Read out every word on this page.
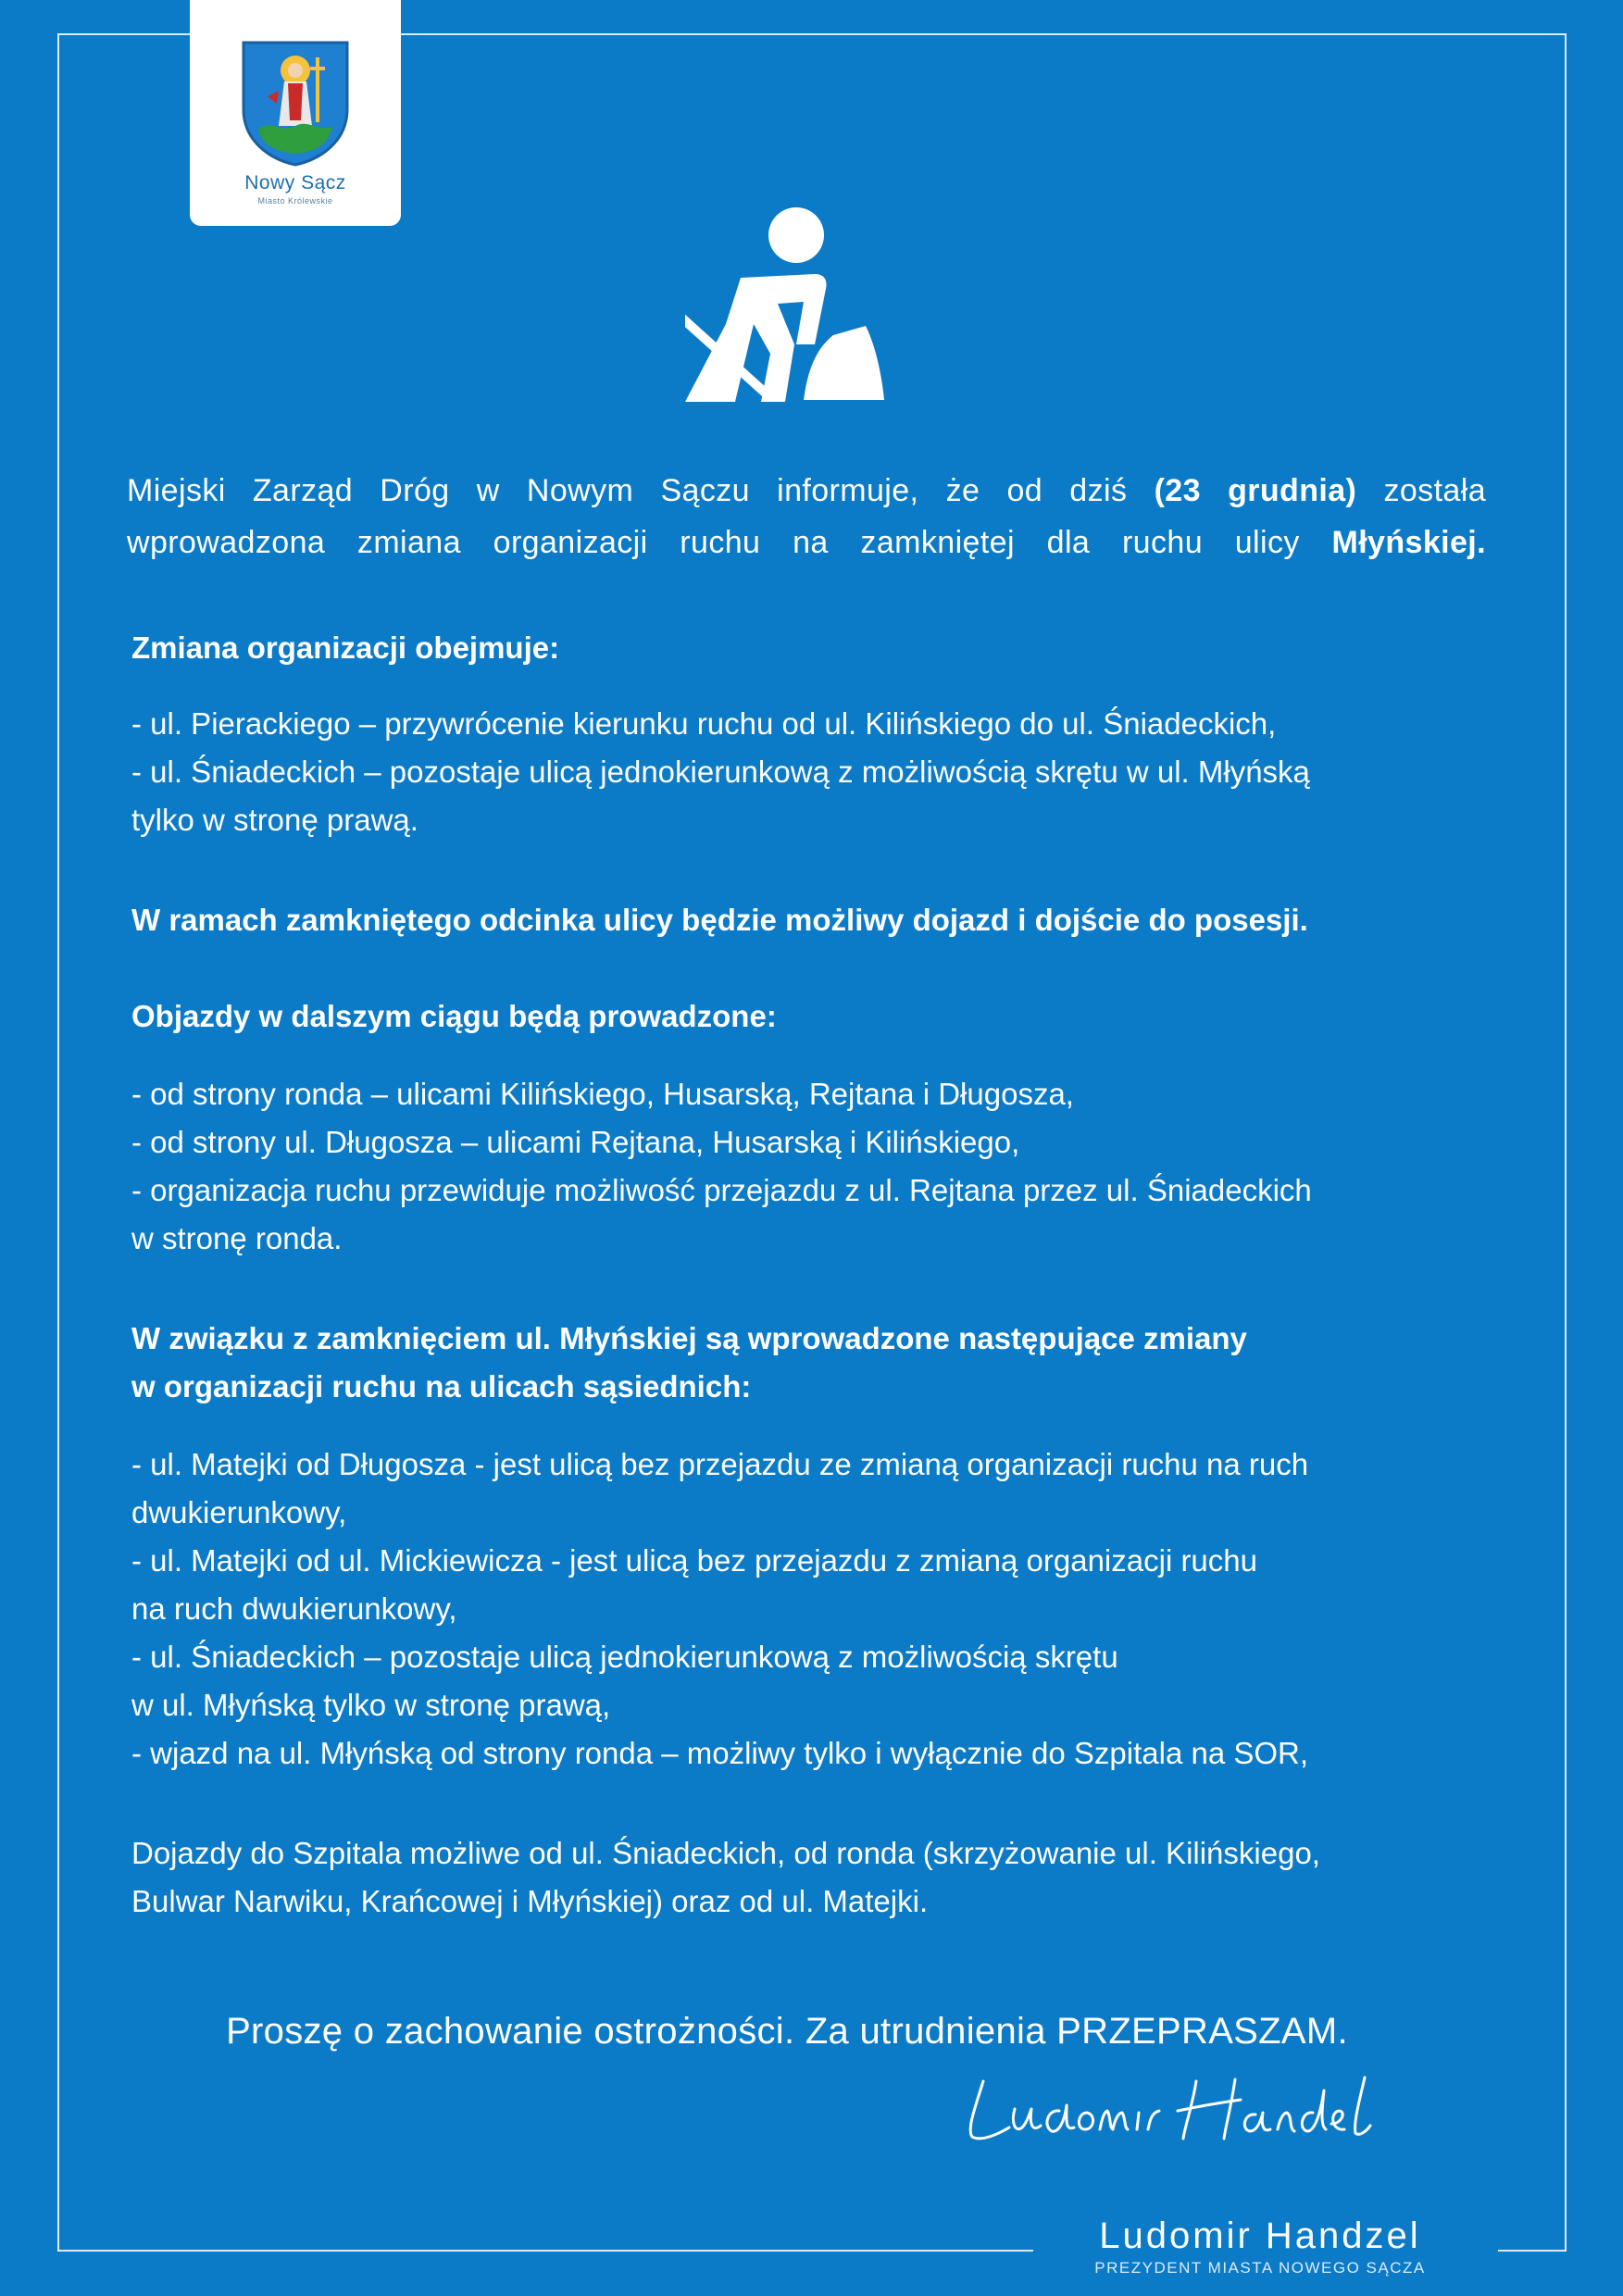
Nowy Sącz
Miasto Królewskie
Miejski Zarząd Dróg w Nowym Sączu informuje, że od dziś (23 grudnia) została

wprowadzona zmiana organizacji ruchu na zamkniętej dla ruchu ulicy Młyńskiej.
Zmiana organizacji obejmuje:
- ul. Pierackiego – przywrócenie kierunku ruchu od ul. Kilińskiego do ul. Śniadeckich,
- ul. Śniadeckich – pozostaje ulicą jednokierunkową z możliwością skrętu w ul. Młyńską
tylko w stronę prawą.
W ramach zamkniętego odcinka ulicy będzie możliwy dojazd i dojście do posesji.
Objazdy w dalszym ciągu będą prowadzone:
- od strony ronda – ulicami Kilińskiego, Husarską, Rejtana i Długosza,
- od strony ul. Długosza – ulicami Rejtana, Husarską i Kilińskiego,
- organizacja ruchu przewiduje możliwość przejazdu z ul. Rejtana przez ul. Śniadeckich
w stronę ronda.
W związku z zamknięciem ul. Młyńskiej są wprowadzone następujące zmiany
w organizacji ruchu na ulicach sąsiednich:
- ul. Matejki od Długosza - jest ulicą bez przejazdu ze zmianą organizacji ruchu na ruch
dwukierunkowy,
- ul. Matejki od ul. Mickiewicza - jest ulicą bez przejazdu z zmianą organizacji ruchu
na ruch dwukierunkowy,
- ul. Śniadeckich – pozostaje ulicą jednokierunkową z możliwością skrętu
w ul. Młyńską tylko w stronę prawą,
- wjazd na ul. Młyńską od strony ronda – możliwy tylko i wyłącznie do Szpitala na SOR,
Dojazdy do Szpitala możliwe od ul. Śniadeckich, od ronda (skrzyżowanie ul. Kilińskiego,
Bulwar Narwiku, Krańcowej i Młyńskiej) oraz od ul. Matejki.
Proszę o zachowanie ostrożności. Za utrudnienia PRZEPRASZAM.
Ludomir Handzel
PREZYDENT MIASTA NOWEGO SĄCZA
